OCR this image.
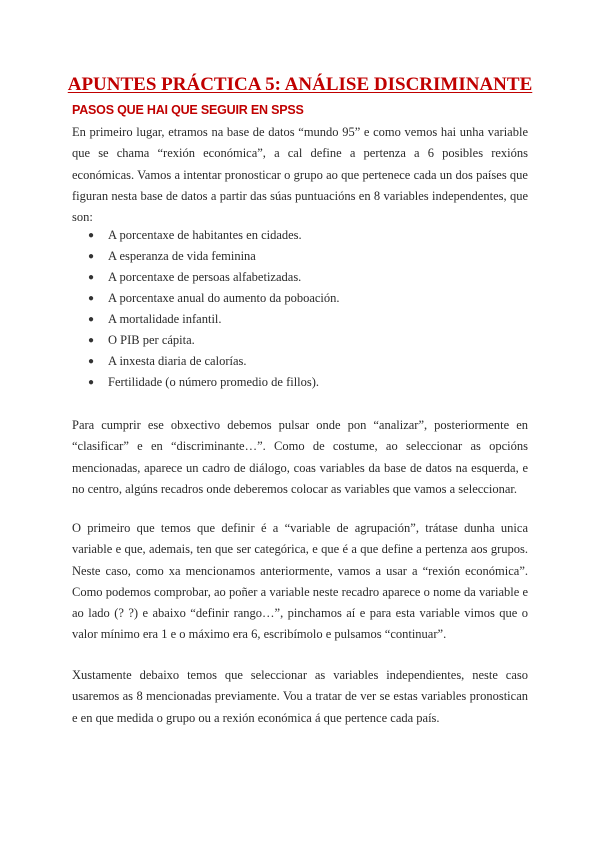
APUNTES PRÁCTICA 5: ANÁLISE DISCRIMINANTE
PASOS QUE HAI QUE SEGUIR EN SPSS

En primeiro lugar, etramos na base de datos “mundo 95” e como vemos hai unha variable que se chama “rexión económica”, a cal define a pertenza a 6 posibles rexións económicas. Vamos a intentar pronosticar o grupo ao que pertenece cada un dos países que figuran nesta base de datos a partir das súas puntuacións en 8 variables independentes, que son:

● A porcentaxe de habitantes en cidades.
● A esperanza de vida feminina
● A porcentaxe de persoas alfabetizadas.
● A porcentaxe anual do aumento da poboación.
● A mortalidade infantil.
● O PIB per cápita.
● A inxesta diaria de calorías.
● Fertilidade (o número promedio de fillos).

Para cumprir ese obxectivo debemos pulsar onde pon “analizar”, posteriormente en “clasificar” e en “discriminante…”. Como de costume, ao seleccionar as opcións mencionadas, aparece un cadro de diálogo, coas variables da base de datos na esquerda, e no centro, algúns recadros onde deberemos colocar as variables que vamos a seleccionar.

O primeiro que temos que definir é a “variable de agrupación”, trátase dunha unica variable e que, ademais, ten que ser categórica, e que é a que define a pertenza aos grupos. Neste caso, como xa mencionamos anteriormente, vamos a usar a “rexión económica”. Como podemos comprobar, ao poñer a variable neste recadro aparece o nome da variable e ao lado (? ?) e abaixo “definir rango…”, pinchamos aí e para esta variable vimos que o valor mínimo era 1 e o máximo era 6, escribímolo e pulsamos “continuar”.

Xustamente debaixo temos que seleccionar as variables independientes, neste caso usaremos as 8 mencionadas previamente. Vou a tratar de ver se estas variables pronostican e en que medida o grupo ou a rexión económica á que pertence cada país.
